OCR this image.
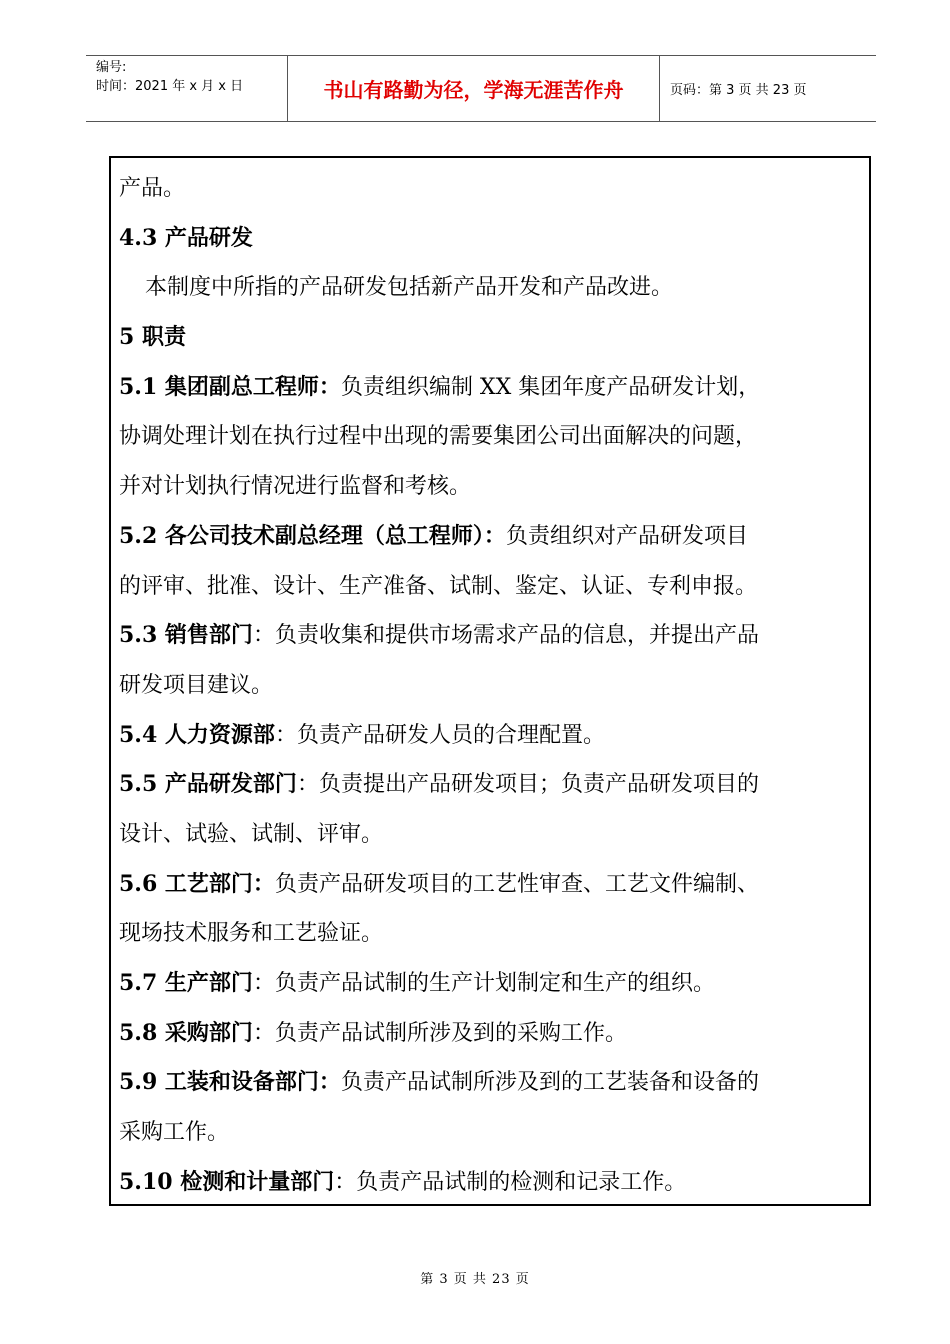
编号:
时间：2021 年 x 月 x 日	书山有路勤为径，学海无涯苦作舟	页码：第 3 页 共 23 页
产品。
4.3 产品研发
本制度中所指的产品研发包括新产品开发和产品改进。
5 职责
5.1 集团副总工程师：负责组织编制 XX 集团年度产品研发计划，
协调处理计划在执行过程中出现的需要集团公司出面解决的问题，
并对计划执行情况进行监督和考核。
5.2 各公司技术副总经理（总工程师）：负责组织对产品研发项目
的评审、批准、设计、生产准备、试制、鉴定、认证、专利申报。
5.3 销售部门：负责收集和提供市场需求产品的信息，并提出产品
研发项目建议。
5.4 人力资源部：负责产品研发人员的合理配置。
5.5 产品研发部门：负责提出产品研发项目；负责产品研发项目的
设计、试验、试制、评审。
5.6 工艺部门：负责产品研发项目的工艺性审查、工艺文件编制、
现场技术服务和工艺验证。
5.7 生产部门：负责产品试制的生产计划制定和生产的组织。
5.8 采购部门：负责产品试制所涉及到的采购工作。
5.9 工装和设备部门：负责产品试制所涉及到的工艺装备和设备的
采购工作。
5.10 检测和计量部门：负责产品试制的检测和记录工作。
第 3 页 共 23 页
